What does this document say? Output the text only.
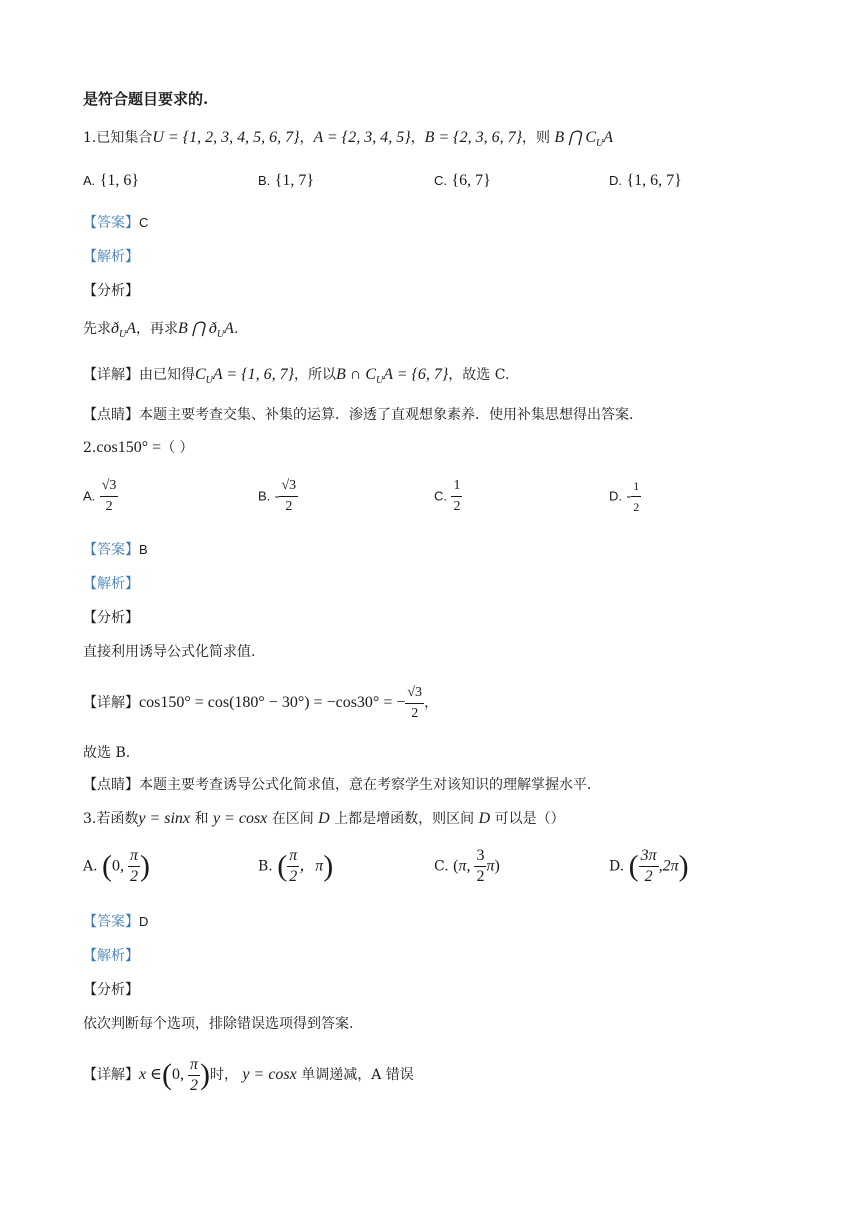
是符合题目要求的.
1.已知集合U = {1, 2, 3, 4, 5, 6, 7}，A = {2, 3, 4, 5}，B = {2, 3, 6, 7}，则 B ⋂ $C_UA$
A. {1, 6}	B. {1, 7}	C. {6, 7}	D. {1, 6, 7}
【答案】C
【解析】
【分析】
先求$ð_UA$，再求B ⋂ $ð_UA$.
【详解】由已知得$C_UA = \{1$, 6, 7}，所以B ∩ $C_UA = \{6$, 7}，故选 C.
【点睛】本题主要考查交集、补集的运算．渗透了直观想象素养．使用补集思想得出答案．
2.cos150° =（ ）
A. $\frac{√3}{2}$	B. - $\frac{√3}{2}$	C. $\frac{1}{2}$	D. - $\frac{1}{2}$
【答案】B
【解析】
【分析】
直接利用诱导公式化简求值.
【详解】cos150° = cos(180° − 30°) = −cos30° = − $\frac{√3}{2}$ ，
故选 B.
【点睛】本题主要考查诱导公式化简求值，意在考察学生对该知识的理解掌握水平.
3.若函数y = sinx 和 y = cosx 在区间 D 上都是增函数，则区间 D 可以是（）
A. (0, $\frac{\pi}{2}$ )	B. ( $\frac{\pi}{2}$ ，π)	C. (π, $\frac{3}{2} \pi$)	D. ( $\frac{3\pi}{2} ,2\pi$)
【答案】D
【解析】
【分析】
依次判断每个选项，排除错误选项得到答案.
【详解】x ∈(0, $\frac{\pi}{2}$ )时， y = cosx 单调递减，A 错误
